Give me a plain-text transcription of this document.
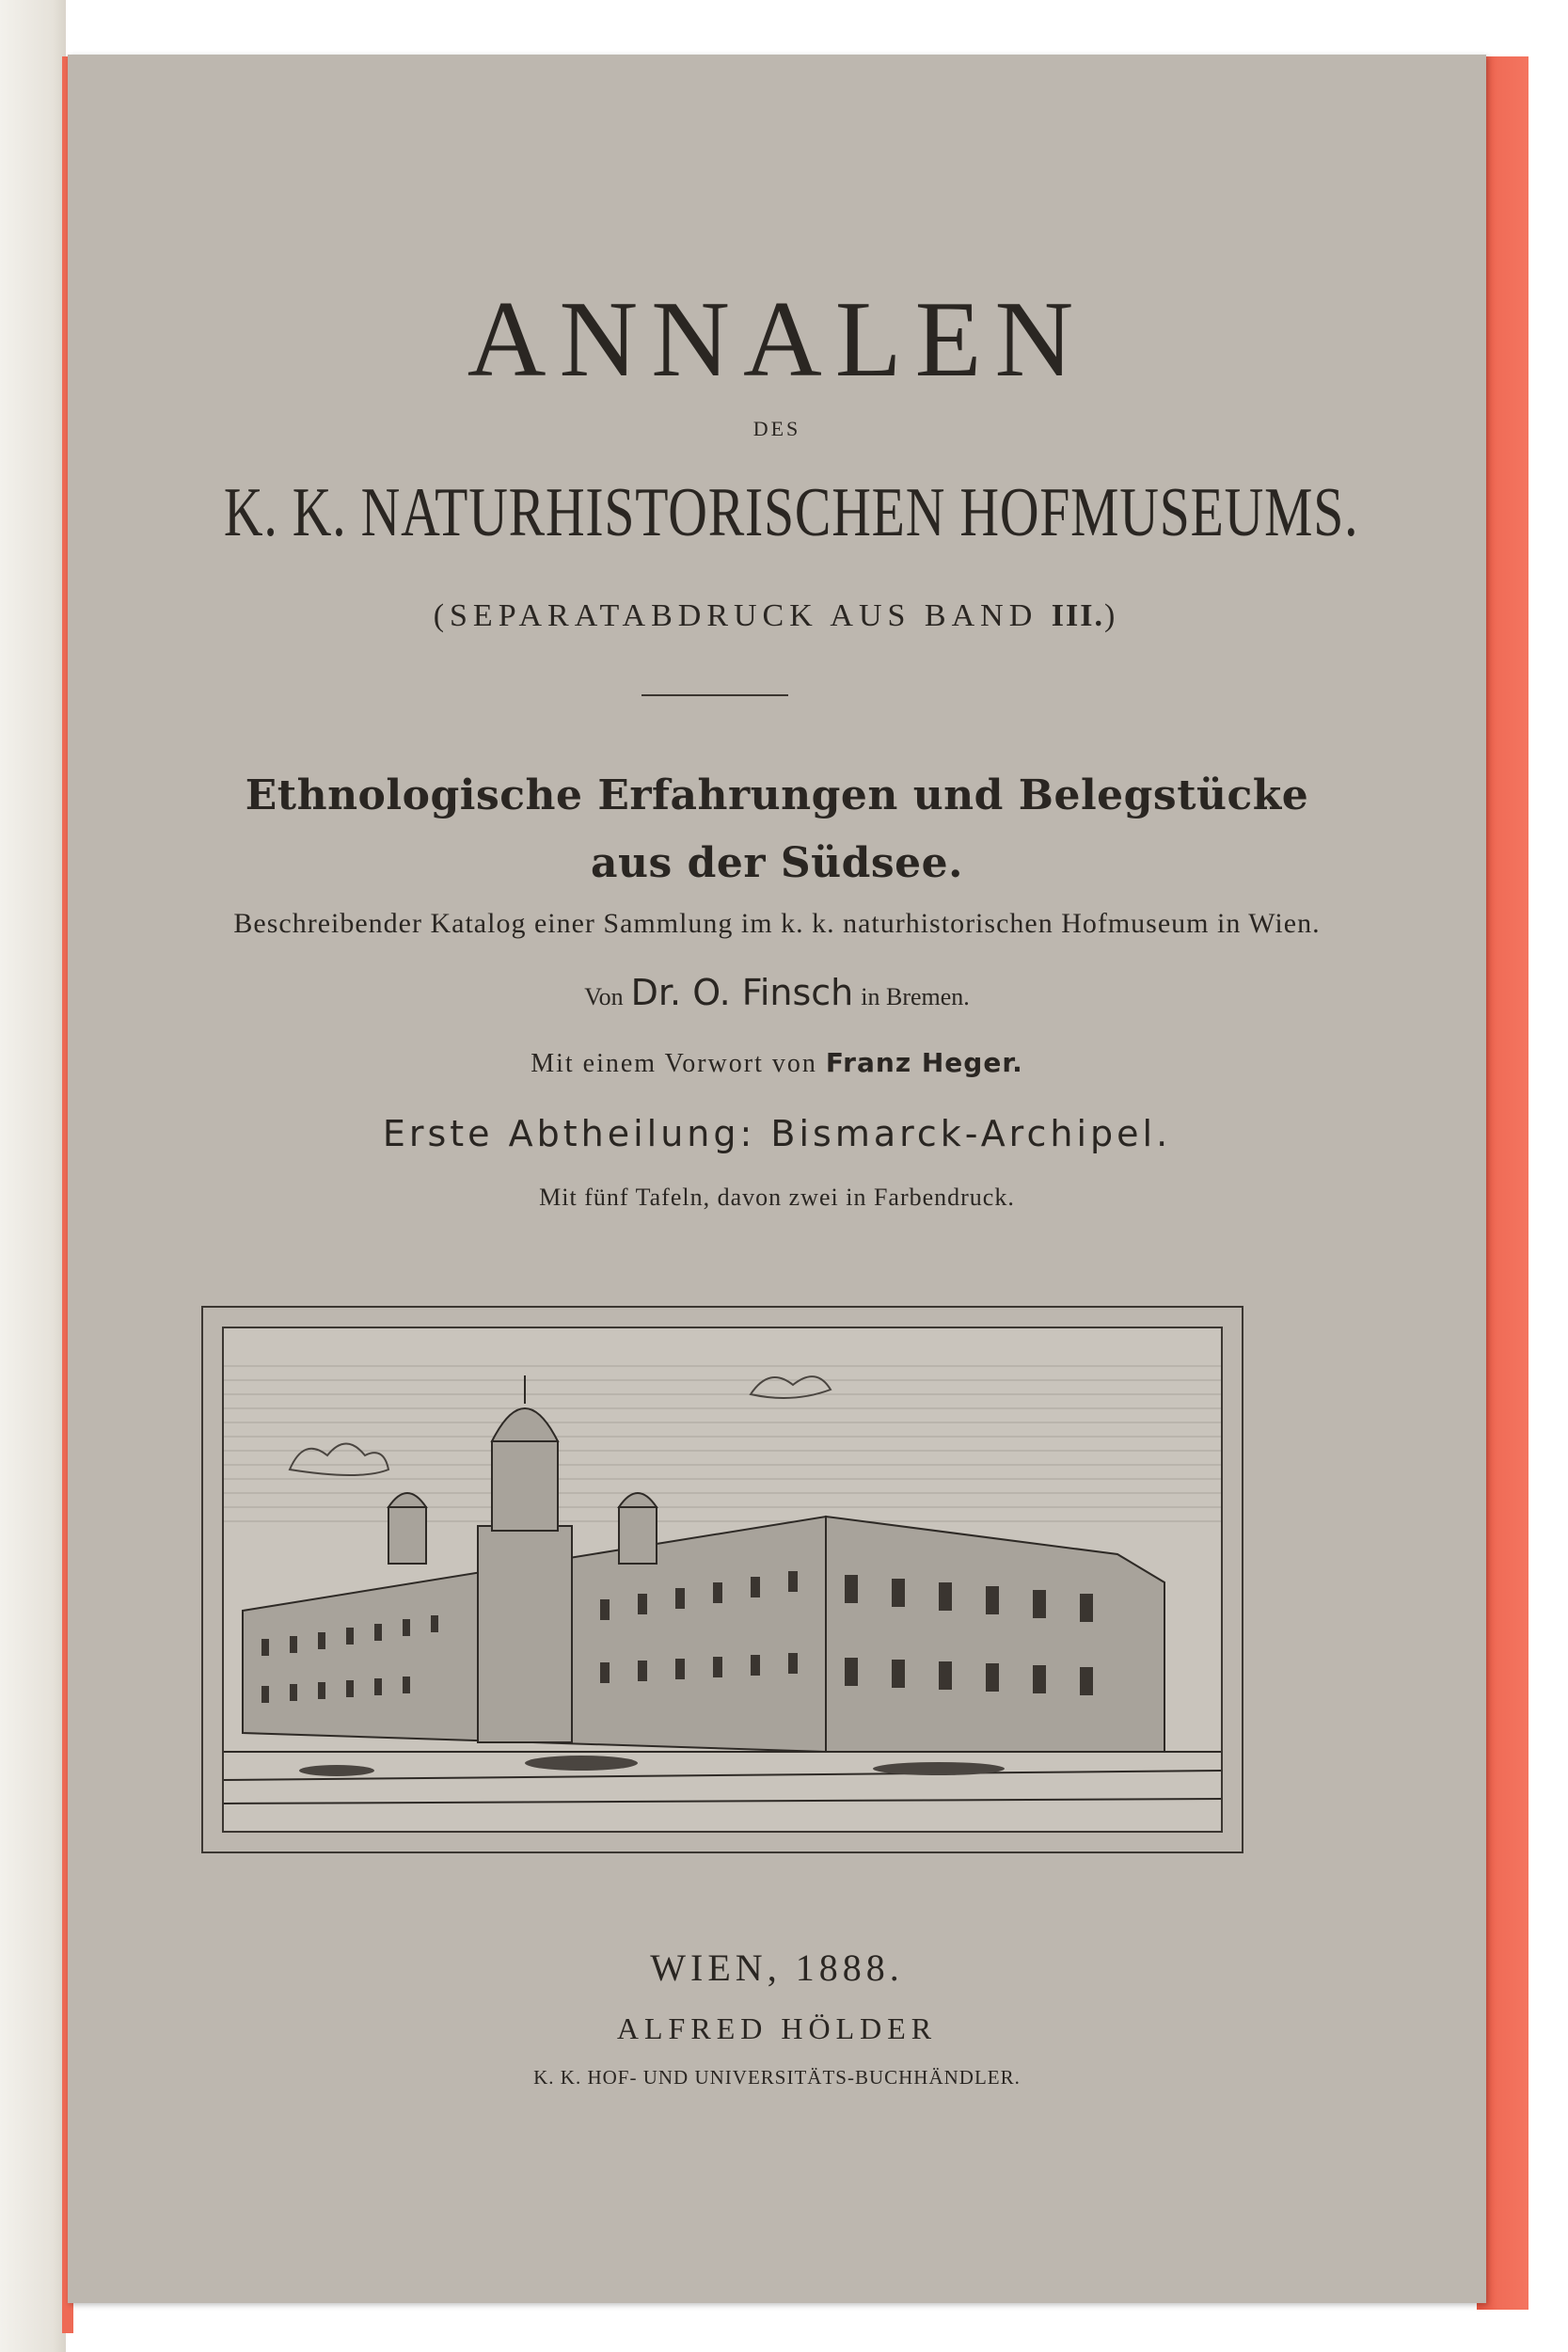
ANNALEN
DES
K. K. NATURHISTORISCHEN HOFMUSEUMS.
(SEPARATABDRUCK AUS BAND III.)
Ethnologische Erfahrungen und Belegstücke
aus der Südsee.
Beschreibender Katalog einer Sammlung im k. k. naturhistorischen Hofmuseum in Wien.
Von Dr. O. Finsch in Bremen.
Mit einem Vorwort von Franz Heger.
Erste Abtheilung: Bismarck-Archipel.
Mit fünf Tafeln, davon zwei in Farbendruck.
WIEN, 1888.
ALFRED HÖLDER
K. K. HOF- UND UNIVERSITÄTS-BUCHHÄNDLER.
